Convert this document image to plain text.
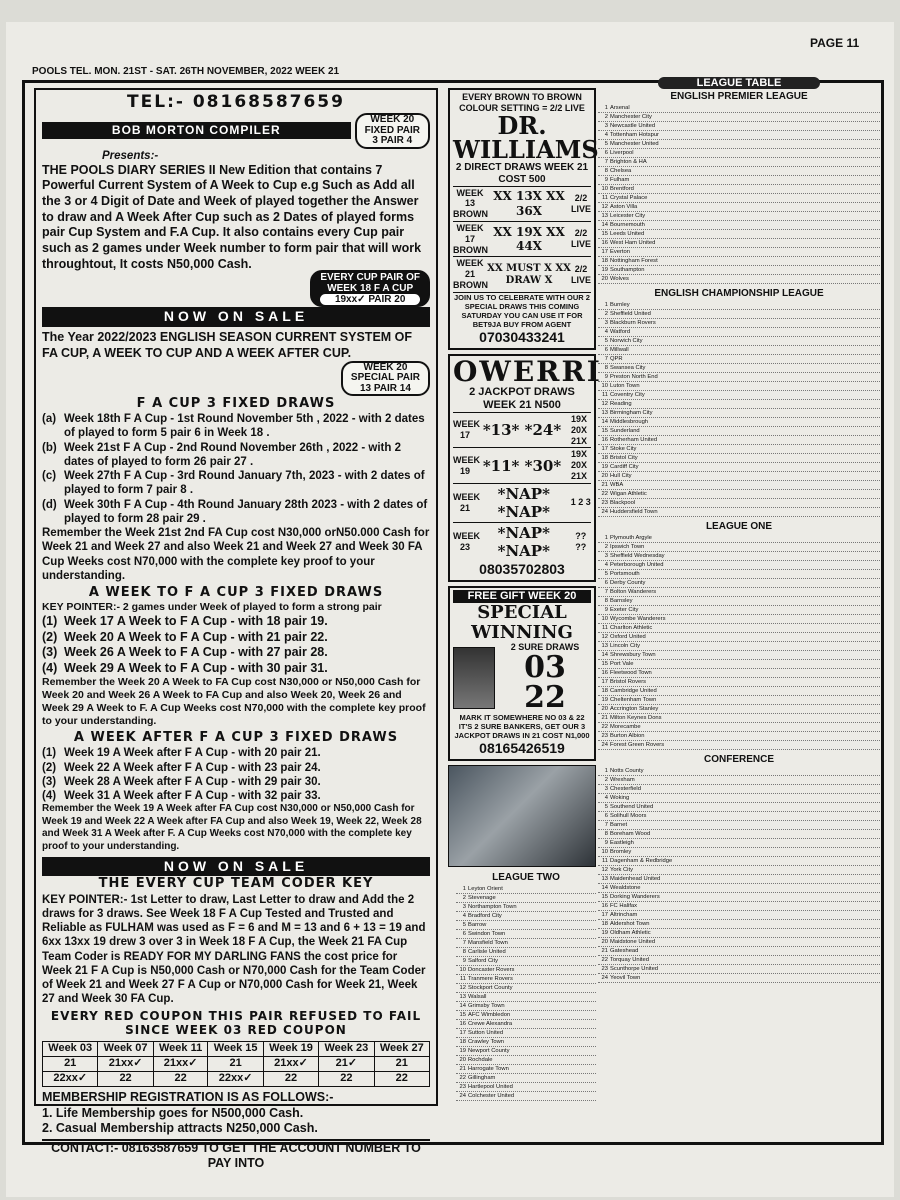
PAGE 11
POOLS TEL. MON. 21ST - SAT. 26TH NOVEMBER, 2022 WEEK 21
TEL:- 08168587659
BOB MORTON COMPILER
WEEK 20
FIXED PAIR
3 PAIR 4
Presents:-
THE POOLS DIARY SERIES II New Edition that contains 7 Powerful Current System of A Week to Cup e.g Such as Add all the 3 or 4 Digit of Date and Week of played together the Answer to draw and A Week After Cup such as 2 Dates of played forms pair Cup System and F.A Cup. It also contains every Cup pair such as 2 games under Week number to form pair that will work throughtout, It costs N50,000 Cash.
EVERY CUP PAIR OF
WEEK 18 F A CUP
19xx✓ PAIR 20
NOW ON SALE
The Year 2022/2023 ENGLISH SEASON CURRENT SYSTEM OF FA CUP, A WEEK TO CUP AND A WEEK AFTER CUP.
WEEK 20
SPECIAL PAIR
13 PAIR 14
F A CUP 3 FIXED DRAWS
(a) Week 18th F A Cup - 1st Round November 5th , 2022 - with 2 dates of played to form 5 pair 6 in Week 18 .
(b) Week 21st F A Cup - 2nd Round November 26th , 2022 - with 2 dates of played to form 26 pair 27 .
(c) Week 27th F A Cup - 3rd Round January 7th, 2023 - with 2 dates of played to form 7 pair 8 .
(d) Week 30th F A Cup - 4th Round January 28th 2023 - with 2 dates of played to form 28 pair 29 .
Remember the Week 21st 2nd FA Cup cost N30,000 orN50.000 Cash for Week 21 and Week 27 and also Week 21 and Week 27 and Week 30 FA Cup Weeks cost N70,000 with the complete key proof to your understanding.
A WEEK TO F A CUP 3 FIXED DRAWS
KEY POINTER:- 2 games under Week of played to form a strong pair
(1) Week 17 A Week to F A Cup - with 18 pair 19.
(2) Week 20 A Week to F A Cup - with 21 pair 22.
(3) Week 26 A Week to F A Cup - with 27 pair 28.
(4) Week 29 A Week to F A Cup - with 30 pair 31.
Remember the Week 20 A Week to FA Cup cost N30,000 or N50,000 Cash for Week 20 and Week 26 A Week to FA Cup and also Week 20, Week 26 and Week 29 A Week to F. A Cup Weeks cost N70,000 with the complete key proof to your understanding.
A WEEK AFTER F A CUP 3 FIXED DRAWS
(1) Week 19 A Week after F A Cup - with 20 pair 21.
(2) Week 22 A Week after F A Cup - with 23 pair 24.
(3) Week 28 A Week after F A Cup - with 29 pair 30.
(4) Week 31 A Week after F A Cup - with 32 pair 33.
Remember the Week 19 A Week after FA Cup cost N30,000 or N50,000 Cash for Week 19 and Week 22 A Week after FA Cup and also Week 19, Week 22, Week 28 and Week 31 A Week after F. A Cup Weeks cost N70,000 with the complete key proof to your understanding.
NOW ON SALE
THE EVERY CUP TEAM CODER KEY
KEY POINTER:- 1st Letter to draw, Last Letter to draw and Add the 2 draws for 3 draws. See Week 18 F A Cup Tested and Trusted and Reliable as FULHAM was used as F = 6 and M = 13 and 6 + 13 = 19 and 6xx 13xx 19 drew 3 over 3 in Week 18 F A Cup, the Week 21 FA Cup Team Coder is READY FOR MY DARLING FANS the cost price for Week 21 F A Cup is N50,000 Cash or N70,000 Cash for the Team Coder of Week 21 and Week 27 F A Cup or N70,000 Cash for Week 21, Week 27 and Week 30 FA Cup.
EVERY RED COUPON THIS PAIR REFUSED TO FAIL SINCE WEEK 03 RED COUPON
Week 03	Week 07	Week 11	Week 15	Week 19	Week 23	Week 27
21	21xx✓	21xx✓	21	21xx✓	21✓	21
22xx✓	22	22	22xx✓	22	22	22
MEMBERSHIP REGISTRATION IS AS FOLLOWS:-
1. Life Membership goes for N500,000 Cash.
2. Casual Membership attracts N250,000 Cash.
CONTACT:- 08163587659 TO GET THE ACCOUNT NUMBER TO PAY INTO
EVERY BROWN TO BROWN COLOUR SETTING = 2/2 LIVE
DR. WILLIAMS
2 DIRECT DRAWS WEEK 21 COST 500
WEEK 13 BROWN
XX 13X XX 36X
2/2 LIVE
WEEK 17 BROWN
XX 19X XX 44X
2/2 LIVE
WEEK 21 BROWN
XX MUST X XX DRAW X
2/2 LIVE
JOIN US TO CELEBRATE WITH OUR 2 SPECIAL DRAWS THIS COMING SATURDAY YOU CAN USE IT FOR BET9JA BUY FROM AGENT
07030433241
OWERRI
2 JACKPOT DRAWS WEEK 21 N500
WEEK 17 *13* *24*
19X 20X 21X
WEEK 19 *11* *30*
19X 20X 21X
WEEK 21
*NAP* *NAP*
1 2 3
WEEK 23
*NAP* *NAP*
?? ??
08035702803
FREE GIFT WEEK 20
SPECIAL WINNING
2 SURE DRAWS
03 22
MARK IT SOMEWHERE NO 03 & 22 IT'S 2 SURE BANKERS, GET OUR 3 JACKPOT DRAWS IN 21 COST N1,000
08165426519
LEAGUE TWO
1 Leyton Orient
2 Stevenage
3 Northampton Town
4 Bradford City
5 Barrow
6 Swindon Town
7 Mansfield Town
8 Carlisle United
9 Salford City
10 Doncaster Rovers
11 Tranmere Rovers
12 Stockport County
13 Walsall
14 Grimsby Town
15 AFC Wimbledon
16 Crewe Alexandra
17 Sutton United
18 Crawley Town
19 Newport County
20 Rochdale
21 Harrogate Town
22 Gillingham
23 Hartlepool United
24 Colchester United
LEAGUE TABLE
ENGLISH PREMIER LEAGUE
1 Arsenal
2 Manchester City
3 Newcastle United
4 Tottenham Hotspur
5 Manchester United
6 Liverpool
7 Brighton & HA
8 Chelsea
9 Fulham
10 Brentford
11 Crystal Palace
12 Aston Villa
13 Leicester City
14 Bournemouth
15 Leeds United
16 West Ham United
17 Everton
18 Nottingham Forest
19 Southampton
20 Wolves
ENGLISH CHAMPIONSHIP LEAGUE
1 Burnley
2 Sheffield United
3 Blackburn Rovers
4 Watford
5 Norwich City
6 Millwall
7 QPR
8 Swansea City
9 Preston North End
10 Luton Town
11 Coventry City
12 Reading
13 Birmingham City
14 Middlesbrough
15 Sunderland
16 Rotherham United
17 Stoke City
18 Bristol City
19 Cardiff City
20 Hull City
21 WBA
22 Wigan Athletic
23 Blackpool
24 Huddersfield Town
LEAGUE ONE
1 Plymouth Argyle
2 Ipswich Town
3 Sheffield Wednesday
4 Peterborough United
5 Portsmouth
6 Derby County
7 Bolton Wanderers
8 Barnsley
9 Exeter City
10 Wycombe Wanderers
11 Charlton Athletic
12 Oxford United
13 Lincoln City
14 Shrewsbury Town
15 Port Vale
16 Fleetwood Town
17 Bristol Rovers
18 Cambridge United
19 Cheltenham Town
20 Accrington Stanley
21 Milton Keynes Dons
22 Morecambe
23 Burton Albion
24 Forest Green Rovers
CONFERENCE
1 Notts County
2 Wrexham
3 Chesterfield
4 Woking
5 Southend United
6 Solihull Moors
7 Barnet
8 Boreham Wood
9 Eastleigh
10 Bromley
11 Dagenham & Redbridge
12 York City
13 Maidenhead United
14 Wealdstone
15 Dorking Wanderers
16 FC Halifax
17 Altrincham
18 Aldershot Town
19 Oldham Athletic
20 Maidstone United
21 Gateshead
22 Torquay United
23 Scunthorpe United
24 Yeovil Town
